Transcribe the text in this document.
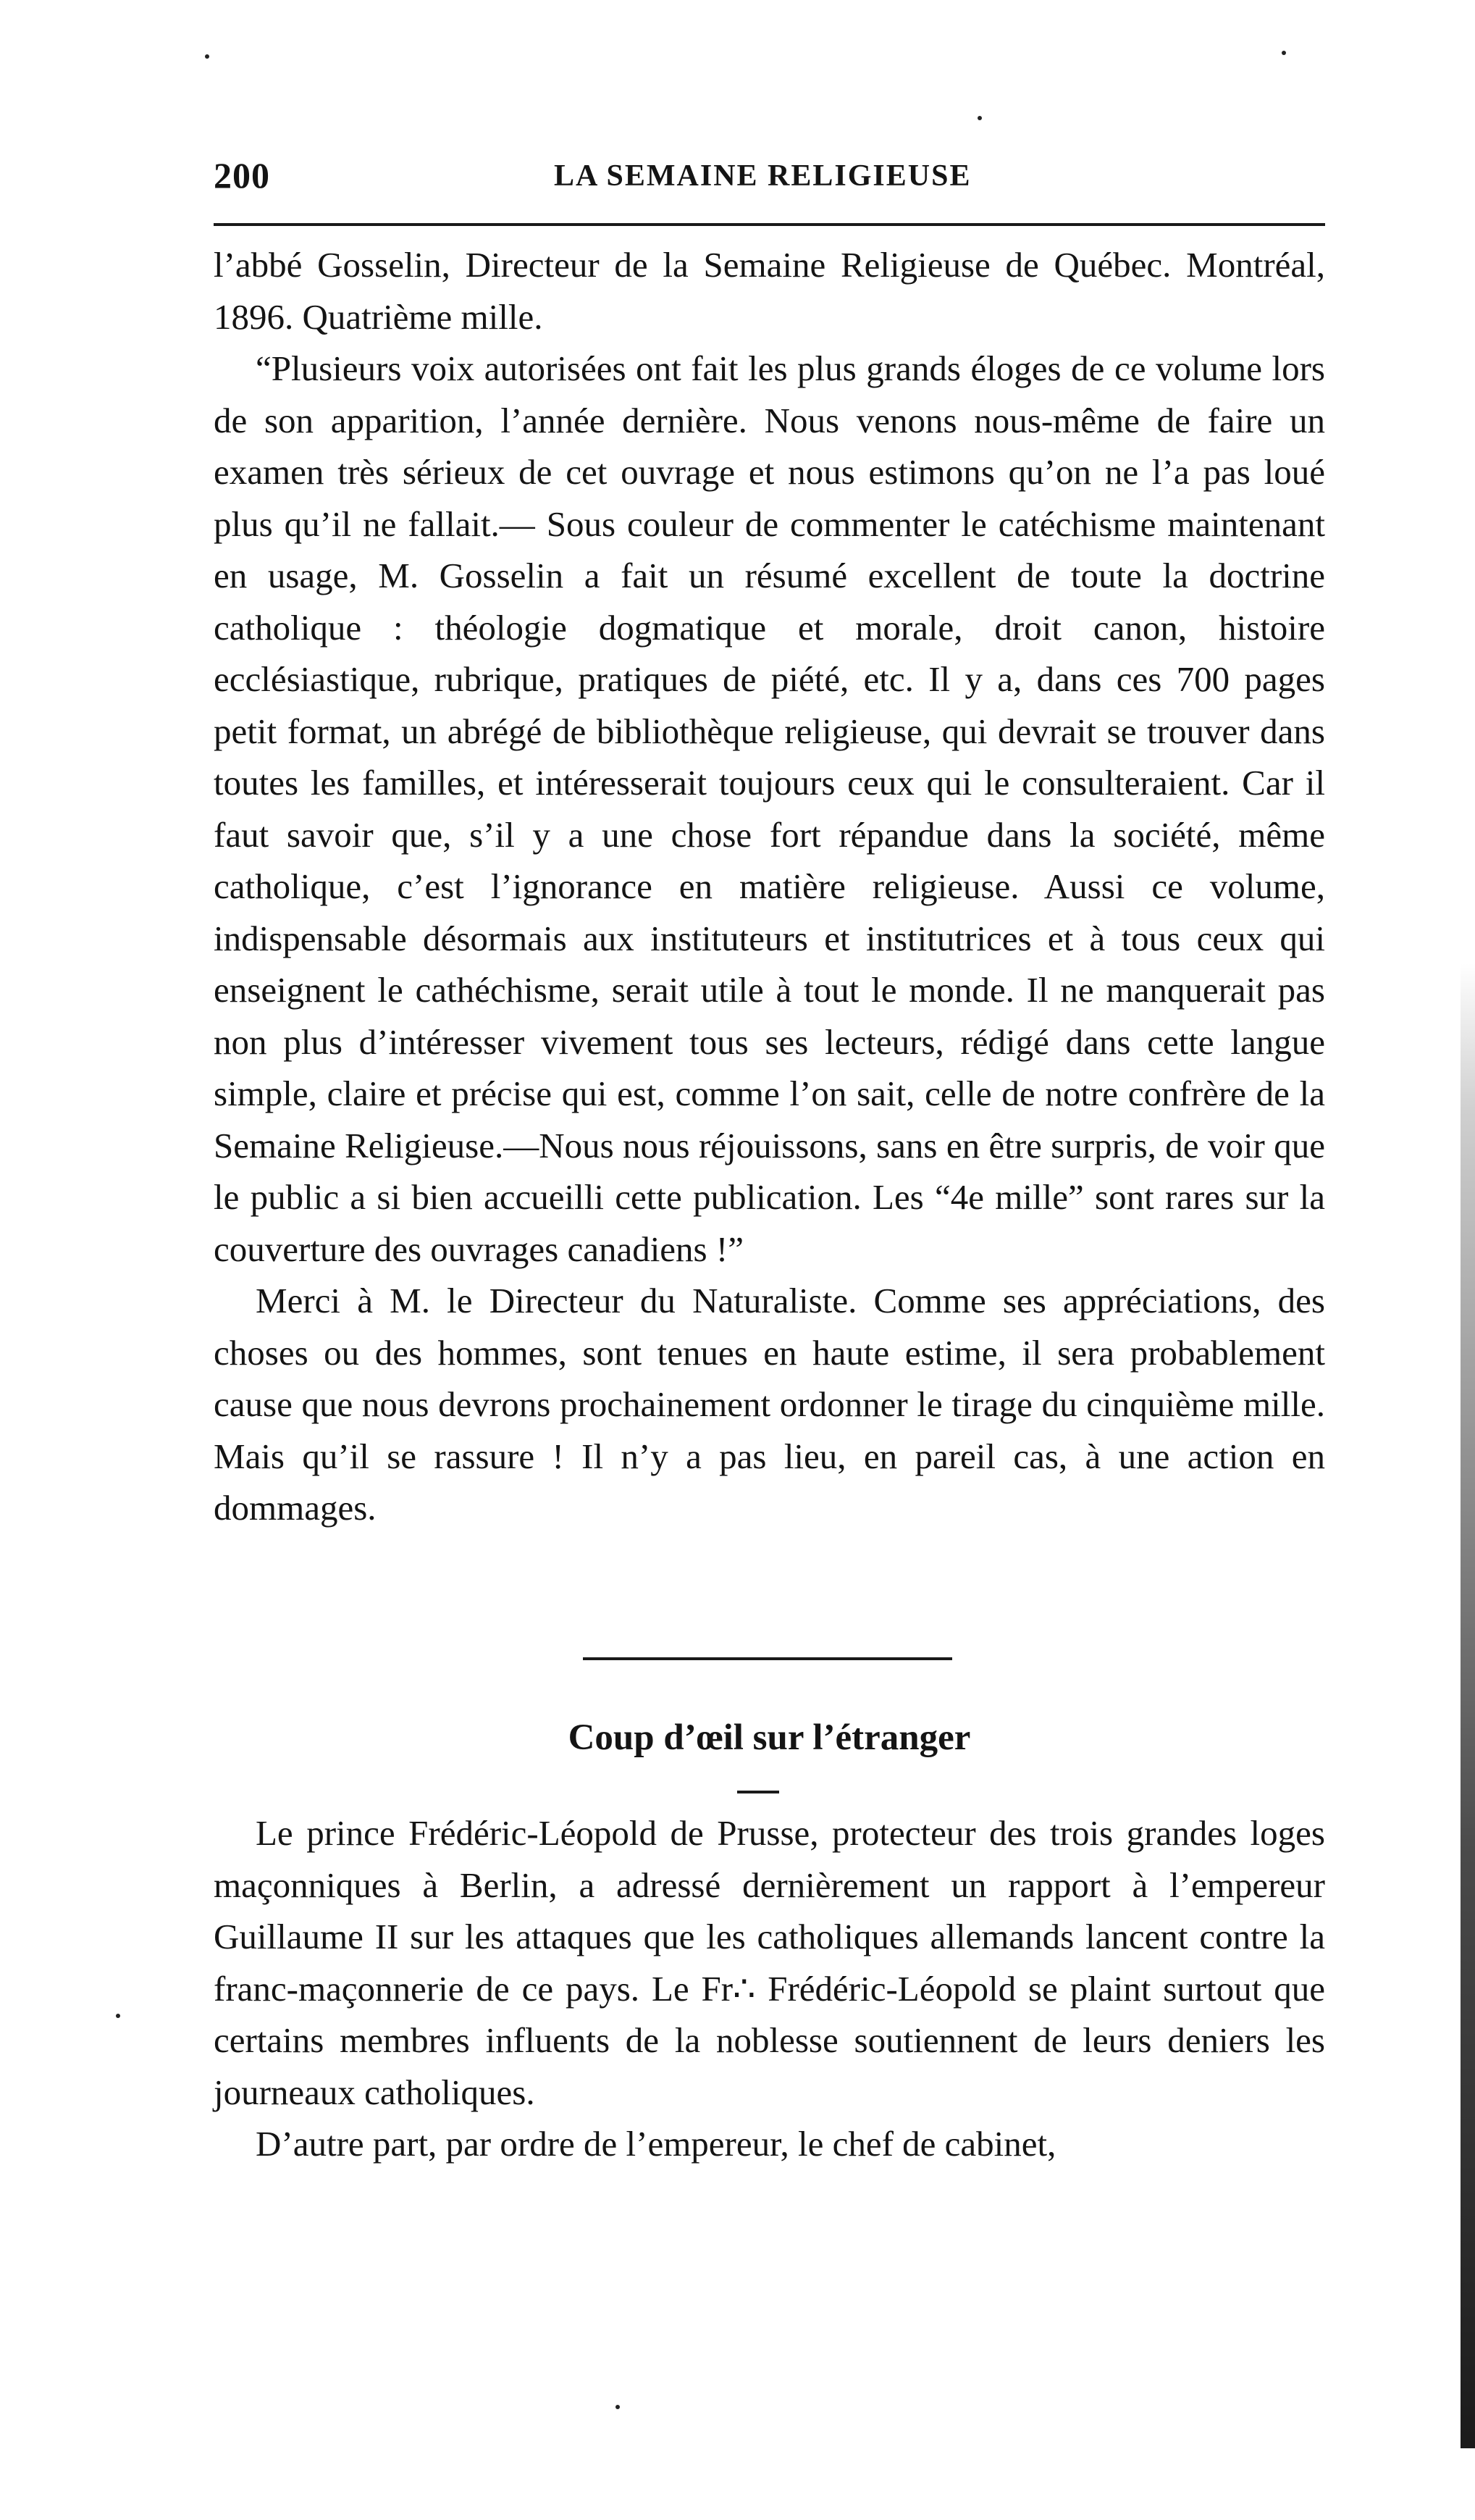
200	LA SEMAINE RELIGIEUSE

l’abbé Gosselin, Directeur de la Semaine Religieuse de Québec. Montréal, 1896. Quatrième mille.

“Plusieurs voix autorisées ont fait les plus grands éloges de ce volume lors de son apparition, l’année dernière. Nous venons nous-même de faire un examen très sérieux de cet ouvrage et nous estimons qu’on ne l’a pas loué plus qu’il ne fallait.— Sous couleur de commenter le catéchisme maintenant en usage, M. Gosselin a fait un résumé excellent de toute la doctrine catholique : théologie dogmatique et morale, droit canon, histoire ecclésiastique, rubrique, pratiques de piété, etc. Il y a, dans ces 700 pages petit format, un abrégé de bibliothèque religieuse, qui devrait se trouver dans toutes les familles, et intéresserait toujours ceux qui le consulteraient. Car il faut savoir que, s’il y a une chose fort répandue dans la société, même catholique, c’est l’ignorance en matière religieuse. Aussi ce volume, indispensable désormais aux instituteurs et institutrices et à tous ceux qui enseignent le cathéchisme, serait utile à tout le monde. Il ne manquerait pas non plus d’intéresser vivement tous ses lecteurs, rédigé dans cette langue simple, claire et précise qui est, comme l’on sait, celle de notre confrère de la Semaine Religieuse.—Nous nous réjouissons, sans en être surpris, de voir que le public a si bien accueilli cette publication. Les “4e mille” sont rares sur la couverture des ouvrages canadiens !”

Merci à M. le Directeur du Naturaliste. Comme ses appréciations, des choses ou des hommes, sont tenues en haute estime, il sera probablement cause que nous devrons prochainement ordonner le tirage du cinquième mille. Mais qu’il se rassure ! Il n’y a pas lieu, en pareil cas, à une action en dommages.

Coup d’œil sur l’étranger

Le prince Frédéric-Léopold de Prusse, protecteur des trois grandes loges maçonniques à Berlin, a adressé dernièrement un rapport à l’empereur Guillaume II sur les attaques que les catholiques allemands lancent contre la franc-maçonnerie de ce pays. Le Fr∴ Frédéric-Léopold se plaint surtout que certains membres influents de la noblesse soutiennent de leurs deniers les journeaux catholiques.

D’autre part, par ordre de l’empereur, le chef de cabinet,
